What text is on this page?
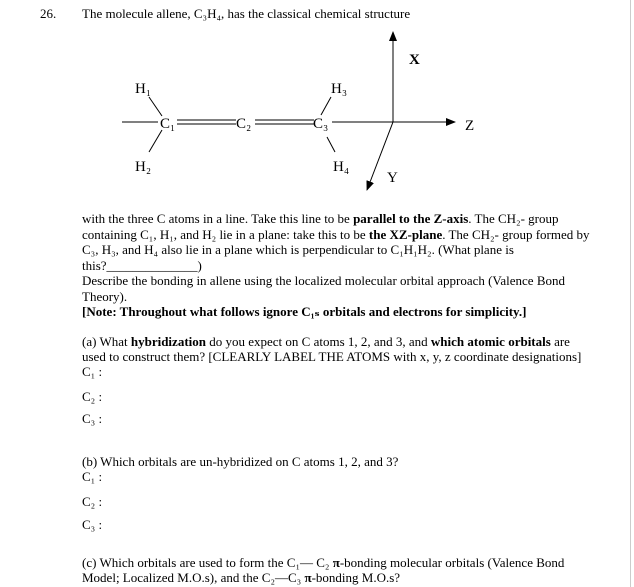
26. The molecule allene, C₃H₄, has the classical chemical structure
H₁
H₂
C₁	C₂	C₃
H₃
H₄
X
Z
Y
with the three C atoms in a line. Take this line to be parallel to the Z-axis. The CH₂- group
containing C₁, H₁, and H₂ lie in a plane: take this to be the XZ-plane. The CH₂- group formed by
C₃, H₃, and H₄ also lie in a plane which is perpendicular to C₁H₁H₂. (What plane is
this?______________)
Describe the bonding in allene using the localized molecular orbital approach (Valence Bond
Theory).
[Note: Throughout what follows ignore C₁ₛ orbitals and electrons for simplicity.]
(a) What hybridization do you expect on C atoms 1, 2, and 3, and which atomic orbitals are
used to construct them? [CLEARLY LABEL THE ATOMS with x, y, z coordinate designations]
C₁ :
C₂ :
C₃ :
(b) Which orbitals are un-hybridized on C atoms 1, 2, and 3?
C₁ :
C₂ :
C₃ :
(c) Which orbitals are used to form the C₁— C₂ π-bonding molecular orbitals (Valence Bond
Model; Localized M.O.s), and the C₂—C₃ π-bonding M.O.s?
